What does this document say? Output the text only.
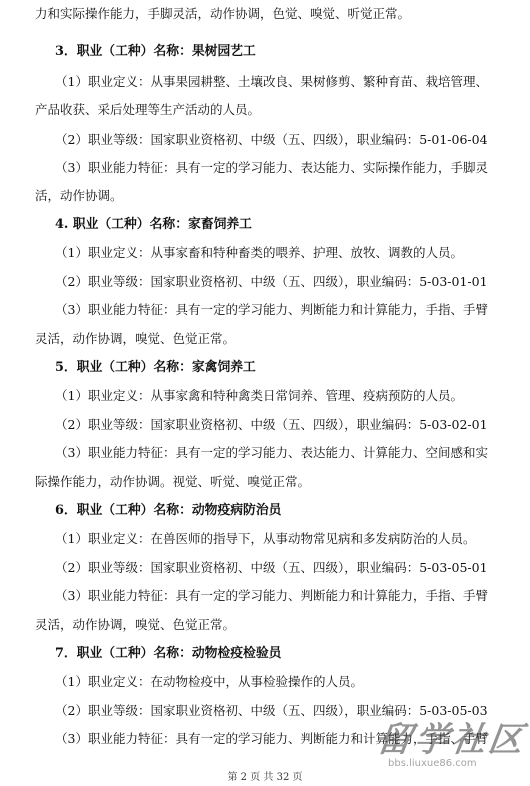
力和实际操作能力，手脚灵活，动作协调，色觉、嗅觉、听觉正常。
3．职业（工种）名称：果树园艺工
（1）职业定义：从事果园耕整、土壤改良、果树修剪、繁种育苗、栽培管理、
产品收获、采后处理等生产活动的人员。
（2）职业等级：国家职业资格初、中级（五、四级），职业编码：5-01-06-04
（3）职业能力特征：具有一定的学习能力、表达能力、实际操作能力，手脚灵
活，动作协调。
4. 职业（工种）名称：家畜饲养工
（1）职业定义：从事家畜和特种畜类的喂养、护理、放牧、调教的人员。
（2）职业等级：国家职业资格初、中级（五、四级），职业编码：5-03-01-01
（3）职业能力特征：具有一定的学习能力、判断能力和计算能力，手指、手臂
灵活，动作协调，嗅觉、色觉正常。
5．职业（工种）名称：家禽饲养工
（1）职业定义：从事家禽和特种禽类日常饲养、管理、疫病预防的人员。
（2）职业等级：国家职业资格初、中级（五、四级），职业编码：5-03-02-01
（3）职业能力特征：具有一定的学习能力、表达能力、计算能力、空间感和实
际操作能力，动作协调。视觉、听觉、嗅觉正常。
6．职业（工种）名称：动物疫病防治员
（1）职业定义：在兽医师的指导下，从事动物常见病和多发病防治的人员。
（2）职业等级：国家职业资格初、中级（五、四级），职业编码：5-03-05-01
（3）职业能力特征：具有一定的学习能力、判断能力和计算能力，手指、手臂
灵活，动作协调，嗅觉、色觉正常。
7．职业（工种）名称：动物检疫检验员
（1）职业定义：在动物检疫中，从事检验操作的人员。
（2）职业等级：国家职业资格初、中级（五、四级），职业编码：5-03-05-03
（3）职业能力特征：具有一定的学习能力、判断能力和计算能力，手指、手臂
第 2 页 共 32 页
留学社区
bbs.liuxue86.com
